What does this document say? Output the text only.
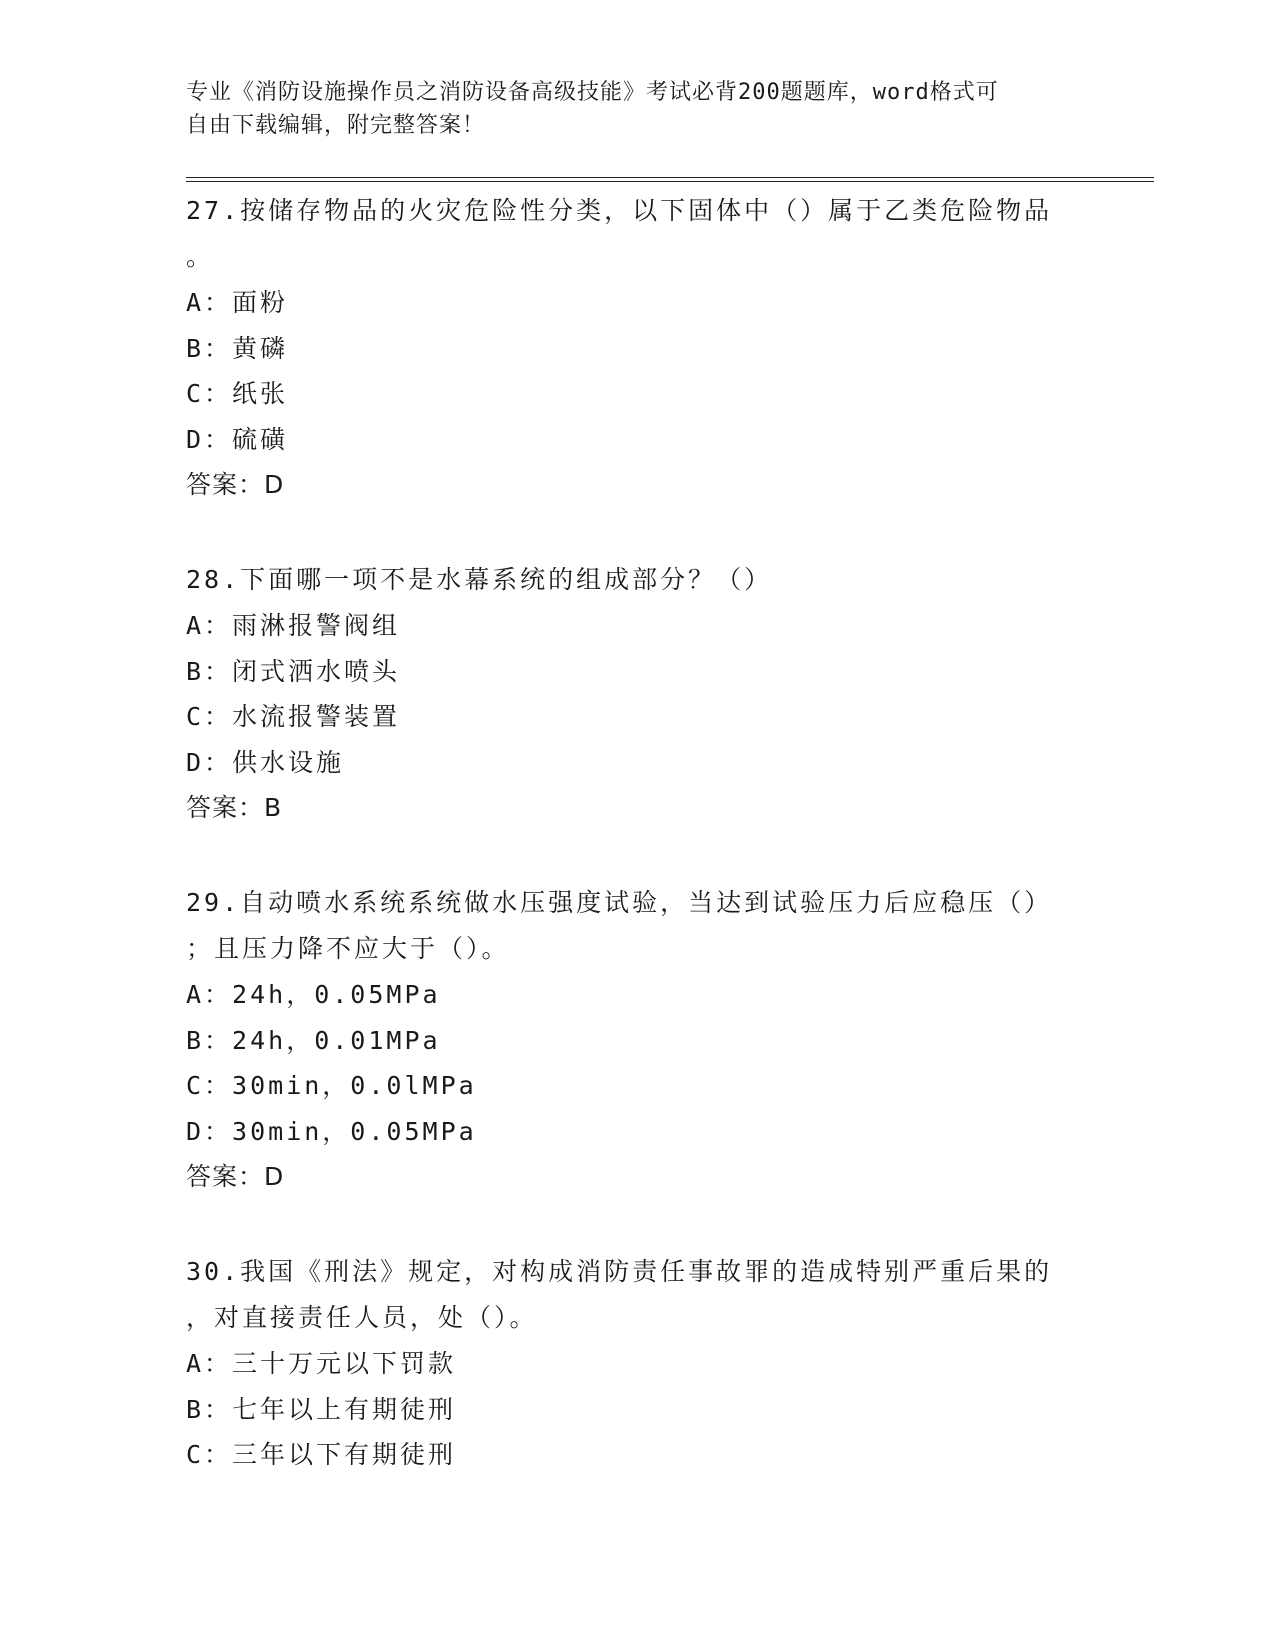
专业《消防设施操作员之消防设备高级技能》考试必背200题题库，word格式可
自由下载编辑，附完整答案！

27.按储存物品的火灾危险性分类，以下固体中（）属于乙类危险物品

。

A：面粉

B：黄磷

C：纸张

D：硫磺

答案：D

28.下面哪一项不是水幕系统的组成部分？（）

A：雨淋报警阀组

B：闭式洒水喷头

C：水流报警装置

D：供水设施

答案：B

29.自动喷水系统系统做水压强度试验，当达到试验压力后应稳压（）

；且压力降不应大于（）。

A：24h，0.05MPa

B：24h，0.01MPa

C：30min，0.0lMPa

D：30min，0.05MPa

答案：D

30.我国《刑法》规定，对构成消防责任事故罪的造成特别严重后果的

，对直接责任人员，处（）。

A：三十万元以下罚款

B：七年以上有期徒刑

C：三年以下有期徒刑
